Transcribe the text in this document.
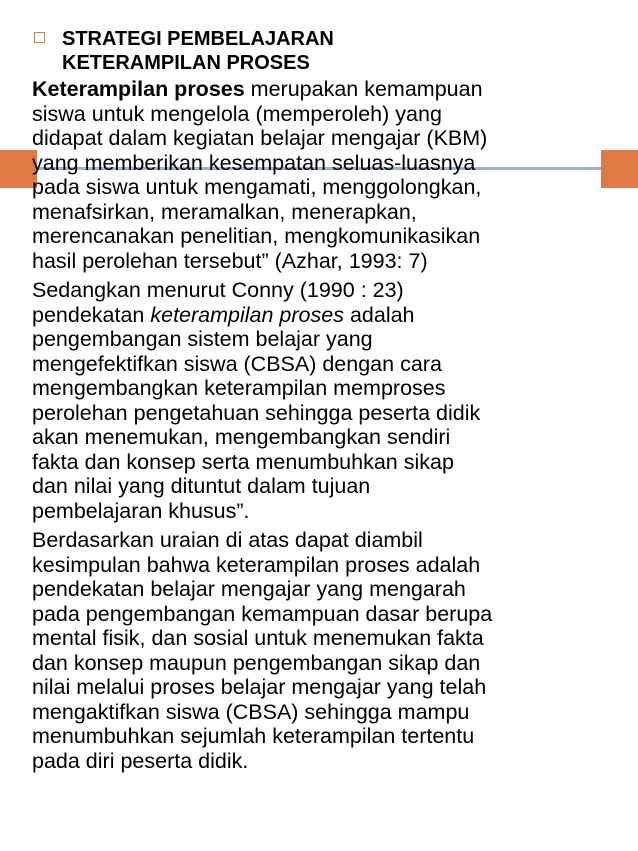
STRATEGI PEMBELAJARAN
KETERAMPILAN PROSES
Keterampilan proses merupakan kemampuan
siswa untuk mengelola (memperoleh) yang
didapat dalam kegiatan belajar mengajar (KBM)
yang memberikan kesempatan seluas-luasnya
pada siswa untuk mengamati, menggolongkan,
menafsirkan, meramalkan, menerapkan,
merencanakan penelitian, mengkomunikasikan
hasil perolehan tersebut” (Azhar, 1993: 7)
Sedangkan menurut Conny (1990 : 23)
pendekatan keterampilan proses adalah
pengembangan sistem belajar yang
mengefektifkan siswa (CBSA) dengan cara
mengembangkan keterampilan memproses
perolehan pengetahuan sehingga peserta didik
akan menemukan, mengembangkan sendiri
fakta dan konsep serta menumbuhkan sikap
dan nilai yang dituntut dalam tujuan
pembelajaran khusus”.
Berdasarkan uraian di atas dapat diambil
kesimpulan bahwa keterampilan proses adalah
pendekatan belajar mengajar yang mengarah
pada pengembangan kemampuan dasar berupa
mental fisik, dan sosial untuk menemukan fakta
dan konsep maupun pengembangan sikap dan
nilai melalui proses belajar mengajar yang telah
mengaktifkan siswa (CBSA) sehingga mampu
menumbuhkan sejumlah keterampilan tertentu
pada diri peserta didik.
